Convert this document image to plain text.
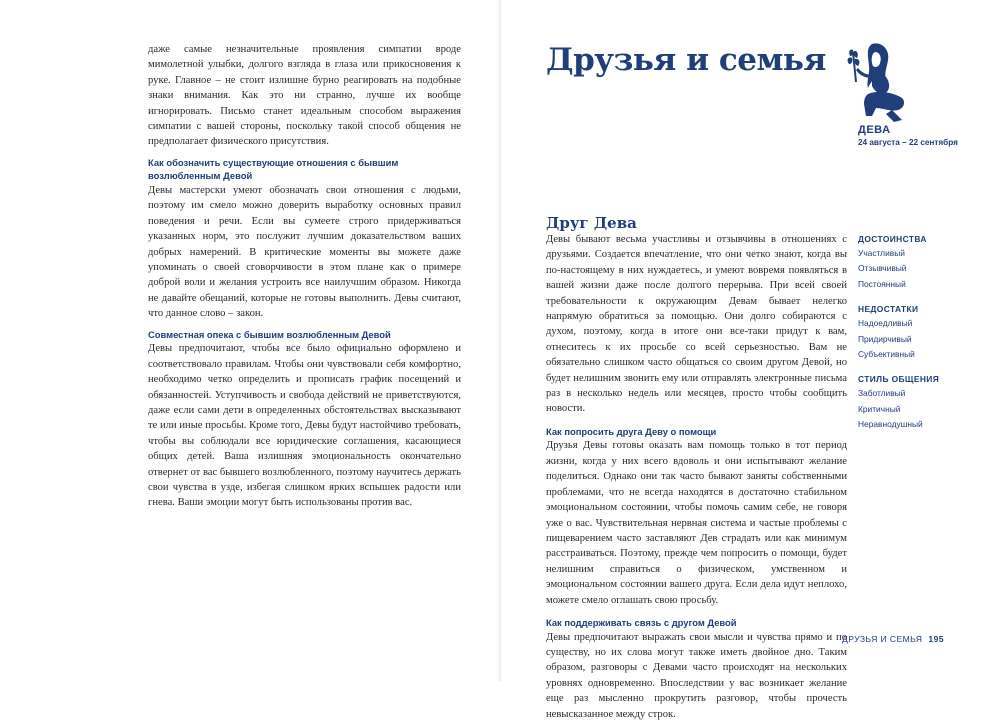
даже самые незначительные проявления симпатии вроде мимолетной улыбки, долгого взгляда в глаза или прикосновения к руке. Главное – не стоит излишне бурно реагировать на подобные знаки внимания. Как это ни странно, лучше их вообще игнорировать. Письмо станет идеальным способом выражения симпатии с вашей стороны, поскольку такой способ общения не предполагает физического присутствия.

Как обозначить существующие отношения с бывшим возлюбленным Девой

Девы мастерски умеют обозначать свои отношения с людьми, поэтому им смело можно доверить выработку основных правил поведения и речи. Если вы сумеете строго придерживаться указанных норм, это послужит лучшим доказательством ваших добрых намерений. В критические моменты вы можете даже упоминать о своей сговорчивости в этом плане как о примере доброй воли и желания устроить все наилучшим образом. Никогда не давайте обещаний, которые не готовы выполнить. Девы считают, что данное слово – закон.

Совместная опека с бывшим возлюбленным Девой

Девы предпочитают, чтобы все было официально оформлено и соответствовало правилам. Чтобы они чувствовали себя комфортно, необходимо четко определить и прописать график посещений и обязанностей. Уступчивость и свобода действий не приветствуются, даже если сами дети в определенных обстоятельствах высказывают те или иные просьбы. Кроме того, Девы будут настойчиво требовать, чтобы вы соблюдали все юридические соглашения, касающиеся общих детей. Ваша излишняя эмоциональность окончательно отвернет от вас бывшего возлюбленного, поэтому научитесь держать свои чувства в узде, избегая слишком ярких вспышек радости или гнева. Ваши эмоции могут быть использованы против вас.

Друзья и семья
ДЕВА
24 августа – 22 сентября
Друг Дева

Девы бывают весьма участливы и отзывчивы в отношениях с друзьями. Создается впечатление, что они четко знают, когда вы по-настоящему в них нуждаетесь, и умеют вовремя появляться в вашей жизни даже после долгого перерыва. При всей своей требовательности к окружающим Девам бывает нелегко напрямую обратиться за помощью. Они долго собираются с духом, поэтому, когда в итоге они все-таки придут к вам, отнеситесь к их просьбе со всей серьезностью. Вам не обязательно слишком часто общаться со своим другом Девой, но будет нелишним звонить ему или отправлять электронные письма раз в несколько недель или месяцев, просто чтобы сообщить новости.

Как попросить друга Деву о помощи

Друзья Девы готовы оказать вам помощь только в тот период жизни, когда у них всего вдоволь и они испытывают желание поделиться. Однако они так часто бывают заняты собственными проблемами, что не всегда находятся в достаточно стабильном эмоциональном состоянии, чтобы помочь самим себе, не говоря уже о вас. Чувствительная нервная система и частые проблемы с пищеварением часто заставляют Дев страдать или как минимум расстраиваться. Поэтому, прежде чем попросить о помощи, будет нелишним справиться о физическом, умственном и эмоциональном состоянии вашего друга. Если дела идут неплохо, можете смело оглашать свою просьбу.

Как поддерживать связь с другом Девой

Девы предпочитают выражать свои мысли и чувства прямо и по существу, но их слова могут также иметь двойное дно. Таким образом, разговоры с Девами часто происходят на нескольких уровнях одновременно. Впоследствии у вас возникает желание еще раз мысленно прокрутить разговор, чтобы прочесть невысказанное между строк.

ДОСТОИНСТВА

Участливый

Отзывчивый

Постоянный

НЕДОСТАТКИ

Надоедливый

Придирчивый

Субъективный

СТИЛЬ ОБЩЕНИЯ

Заботливый

Критичный

Неравнодушный

ДРУЗЬЯ И СЕМЬЯ 195
